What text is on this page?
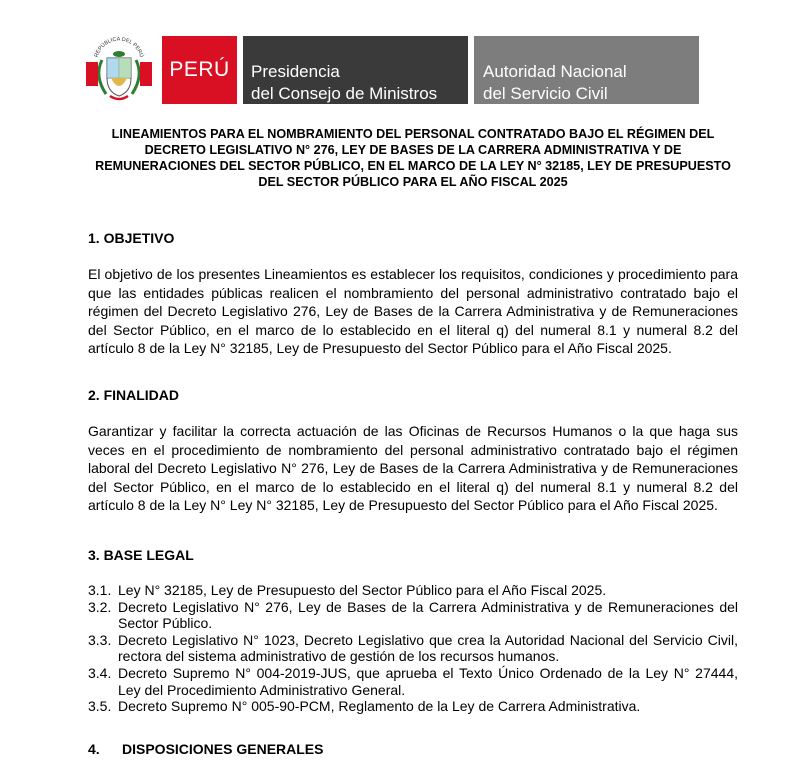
REPÚBLICA DEL PERÚ
PERÚ Presidencia
del Consejo de Ministros
Autoridad Nacional
del Servicio Civil
LINEAMIENTOS PARA EL NOMBRAMIENTO DEL PERSONAL CONTRATADO BAJO EL RÉGIMEN DEL DECRETO LEGISLATIVO N° 276, LEY DE BASES DE LA CARRERA ADMINISTRATIVA Y DE REMUNERACIONES DEL SECTOR PÚBLICO, EN EL MARCO DE LA LEY N° 32185, LEY DE PRESUPUESTO DEL SECTOR PÚBLICO PARA EL AÑO FISCAL 2025
1. OBJETIVO
El objetivo de los presentes Lineamientos es establecer los requisitos, condiciones y procedimiento para que las entidades públicas realicen el nombramiento del personal administrativo contratado bajo el régimen del Decreto Legislativo 276, Ley de Bases de la Carrera Administrativa y de Remuneraciones del Sector Público, en el marco de lo establecido en el literal q) del numeral 8.1 y numeral 8.2 del artículo 8 de la Ley N° 32185, Ley de Presupuesto del Sector Público para el Año Fiscal 2025.
2. FINALIDAD
Garantizar y facilitar la correcta actuación de las Oficinas de Recursos Humanos o la que haga sus veces en el procedimiento de nombramiento del personal administrativo contratado bajo el régimen laboral del Decreto Legislativo N° 276, Ley de Bases de la Carrera Administrativa y de Remuneraciones del Sector Público, en el marco de lo establecido en el literal q) del numeral 8.1 y numeral 8.2 del artículo 8 de la Ley N° Ley N° 32185, Ley de Presupuesto del Sector Público para el Año Fiscal 2025.
3. BASE LEGAL
3.1. Ley N° 32185, Ley de Presupuesto del Sector Público para el Año Fiscal 2025.
3.2. Decreto Legislativo N° 276, Ley de Bases de la Carrera Administrativa y de Remuneraciones del Sector Público.
3.3. Decreto Legislativo N° 1023, Decreto Legislativo que crea la Autoridad Nacional del Servicio Civil, rectora del sistema administrativo de gestión de los recursos humanos.
3.4. Decreto Supremo N° 004-2019-JUS, que aprueba el Texto Único Ordenado de la Ley N° 27444, Ley del Procedimiento Administrativo General.
3.5. Decreto Supremo N° 005-90-PCM, Reglamento de la Ley de Carrera Administrativa.
4. DISPOSICIONES GENERALES
